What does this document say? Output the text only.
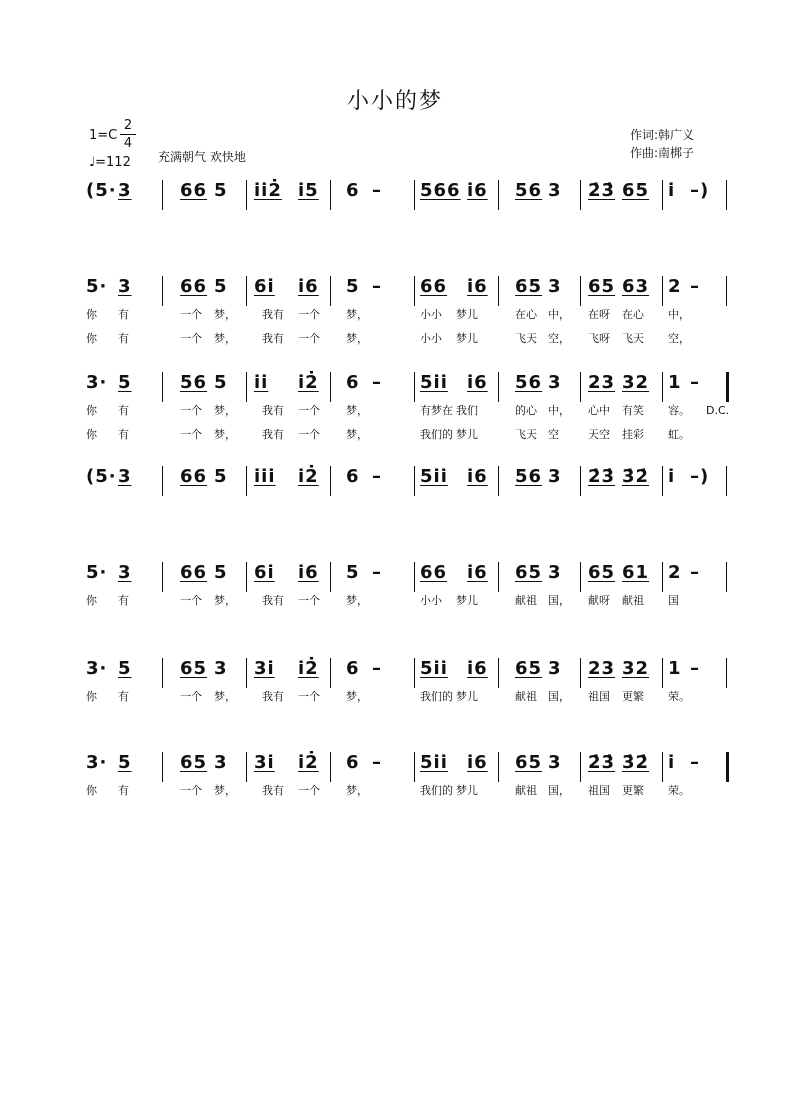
小小的梦
1=C
2
4
♩=112 充满朝气 欢快地
作词:韩广义
作曲:南梆子
(5· 3	66 5 i̇i̇2̇ i̇5 6 – 566 i̇6 56 3 2̇3̇ 65 i̇ –)
5· 3	66 5 6i̇ i̇6 5 – 66 i̇6 65 3 65 63 2 –
你 有	一个 梦， 我有 一个 梦，	小小 梦儿	在心 中， 在呀 在心 中，
你 有	一个 梦， 我有 一个 梦，	小小 梦儿	飞天 空， 飞呀 飞天 空，
3· 5	56 5 i̇i̇ i̇2̇ 6 – 5i̇i̇ i̇6 56 3 23 32 1 –
你 有	一个 梦， 我有 一个 梦，	有梦在 我们	的心 中， 心中 有笑 容。
你 有	一个 梦， 我有 一个 梦，	我们的 梦儿	飞天 空	天空 挂彩 虹。
D.C.
(5· 3	66 5 i̇i̇i̇ i̇2̇ 6 – 5i̇i̇ i̇6 56 3 2̇3̇ 3̇2̇ i̇ –)
5· 3	66 5 6i̇ i̇6 5 – 66 i̇6 65 3 65 61 2 –
你 有	一个 梦， 我有 一个 梦，	小小 梦儿	献祖 国， 献呀 献祖 国
3· 5	65 3 3i̇ i̇2̇ 6 – 5i̇i̇ i̇6 65 3 23 32 1 –
你 有	一个 梦， 我有 一个 梦，	我们的 梦儿	献祖 国， 祖国 更繁 荣。
3· 5	65 3 3i̇ i̇2̇ 6 – 5i̇i̇ i̇6 65 3 2̇3̇ 3̇2̇ i̇ –
你 有	一个 梦， 我有 一个 梦，	我们的 梦儿	献祖 国， 祖国 更繁 荣。
